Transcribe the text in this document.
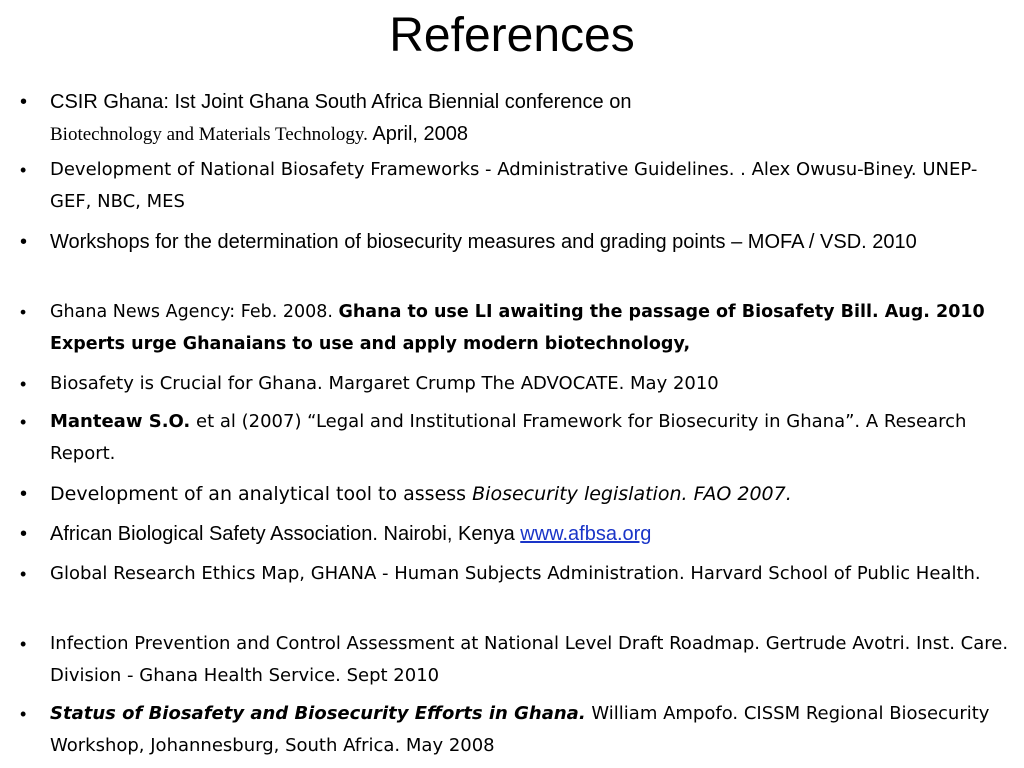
References
• CSIR Ghana: Ist Joint Ghana South Africa Biennial conference on
Biotechnology and Materials Technology. April, 2008
• Development of National Biosafety Frameworks - Administrative Guidelines. . Alex Owusu-Biney. UNEP-GEF, NBC, MES
• Workshops for the determination of biosecurity measures and grading points – MOFA / VSD. 2010
• Ghana News Agency: Feb. 2008. Ghana to use LI awaiting the passage of Biosafety Bill. Aug. 2010 Experts urge Ghanaians to use and apply modern biotechnology,
• Biosafety is Crucial for Ghana. Margaret Crump The ADVOCATE. May 2010
• Manteaw S.O. et al (2007) “Legal and Institutional Framework for Biosecurity in Ghana”. A Research Report.
• Development of an analytical tool to assess Biosecurity legislation. FAO 2007.
• African Biological Safety Association. Nairobi, Kenya www.afbsa.org
• Global Research Ethics Map, GHANA - Human Subjects Administration. Harvard School of Public Health.
• Infection Prevention and Control Assessment at National Level Draft Roadmap. Gertrude Avotri. Inst. Care. Division - Ghana Health Service. Sept 2010
• Status of Biosafety and Biosecurity Efforts in Ghana. William Ampofo. CISSM Regional Biosecurity Workshop, Johannesburg, South Africa. May 2008
